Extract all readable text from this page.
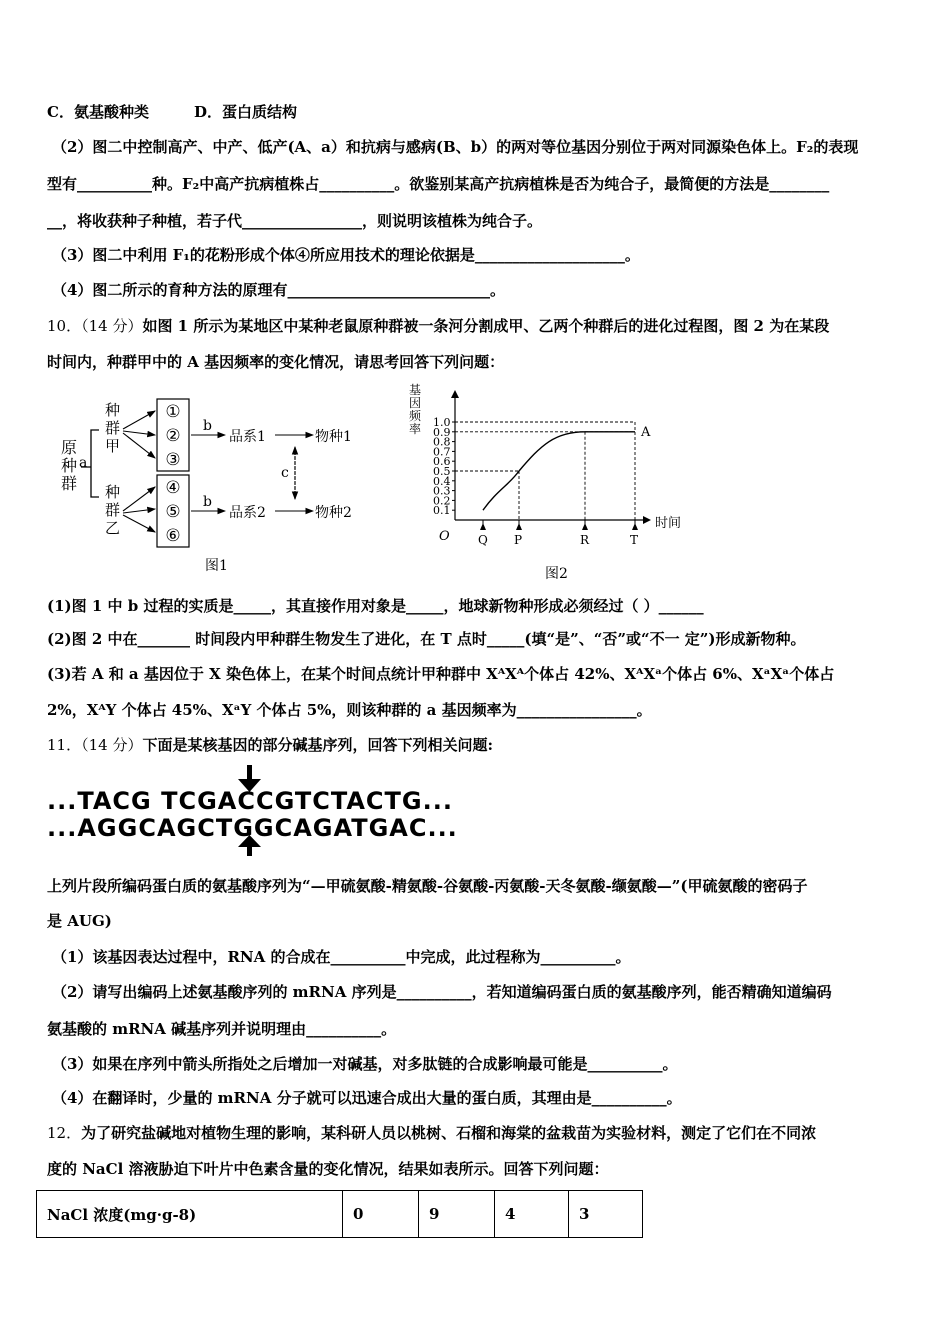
C．氨基酸种类　　　D．蛋白质结构
（2）图二中控制高产、中产、低产(A、a）和抗病与感病(B、b）的两对等位基因分别位于两对同源染色体上。F₂的表现
型有__________种。F₂中高产抗病植株占__________。欲鉴别某高产抗病植株是否为纯合子，最简便的方法是________
__，将收获种子种植，若子代________________，则说明该植株为纯合子。
（3）图二中利用 F₁的花粉形成个体④所应用技术的理论依据是____________________。
（4）图二所示的育种方法的原理有___________________________。
10．（14 分）如图 1 所示为某地区中某种老鼠原种群被一条河分割成甲、乙两个种群后的进化过程图，图 2 为在某段
时间内，种群甲中的 A 基因频率的变化情况，请思考回答下列问题：
原
种
群
a
种
群
甲
种
群
乙
①
②
③
④
⑤
⑥
b
b
品系1
品系2
物种1
物种2
c
图1
基
因
频
率
0.1
0.2
0.3
0.4
0.5
0.6
0.7
0.8
0.9
1.0
Q P	R	T
A
O
时间
图2
(1)图 1 中 b 过程的实质是_____，其直接作用对象是_____，地球新物种形成必须经过（ ）______
(2)图 2 中在_______ 时间段内甲种群生物发生了进化，在 T 点时_____(填“是”、“否”或“不一 定”)形成新物种。
(3)若 A 和 a 基因位于 X 染色体上，在某个时间点统计甲种群中 XᴬXᴬ个体占 42%、XᴬXᵃ个体占 6%、XᵃXᵃ个体占
2%，XᴬY 个体占 45%、XᵃY 个体占 5%，则该种群的 a 基因频率为________________。
11．（14 分）下面是某核基因的部分碱基序列，回答下列相关问题:
...TACG TCGACCGTCTACTG...
...AGGCAGCTGGCAGATGAC...
上列片段所编码蛋白质的氨基酸序列为“—甲硫氨酸-精氨酸-谷氨酸-丙氨酸-天冬氨酸-缬氨酸—”(甲硫氨酸的密码子
是 AUG)
（1）该基因表达过程中，RNA 的合成在__________中完成，此过程称为__________。
（2）请写出编码上述氨基酸序列的 mRNA 序列是__________，若知道编码蛋白质的氨基酸序列，能否精确知道编码
氨基酸的 mRNA 碱基序列并说明理由__________。
（3）如果在序列中箭头所指处之后增加一对碱基，对多肽链的合成影响最可能是__________。
（4）在翻译时，少量的 mRNA 分子就可以迅速合成出大量的蛋白质，其理由是__________。
12．为了研究盐碱地对植物生理的影响，某科研人员以桃树、石榴和海棠的盆栽苗为实验材料，测定了它们在不同浓
度的 NaCl 溶液胁迫下叶片中色素含量的变化情况，结果如表所示。回答下列问题：
NaCl 浓度(mg·g-8)	0	9	4	3
